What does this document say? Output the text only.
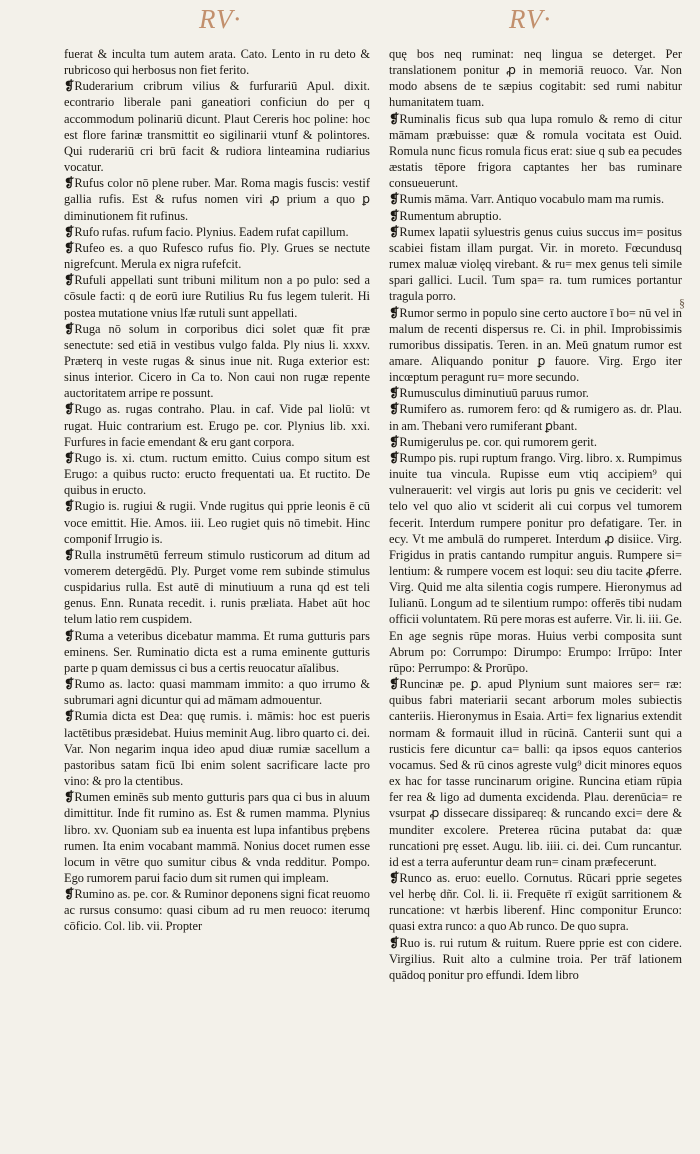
RV·	RV·

fuerat & inculta tum autem arata. Cato. Lento in ru deto & rubricoso qui herbosus non fiet ferito.

❡Ruderarium cribrum vilius & furfurariū Apul. dixit. econtrario liberale pani ganeatiori conficiun do per q accommodum polinariū dicunt. Plaut Cereris hoc poline: hoc est flore farinæ transmittit eo sigilinarii vtunf & polintores. Qui ruderariū cri brū facit & rudiora linteamina rudiarius vocatur.

❡Rufus color nō plene ruber. Mar. Roma magis fuscis: vestif gallia rufis. Est & rufus nomen viri ꝓ prium a quo ꝑ diminutionem fit rufinus.

❡Rufo rufas. rufum facio. Plynius. Eadem rufat capillum.

❡Rufeo es. a quo Rufesco rufus fio. Ply. Grues se nectute nigrefcunt. Merula ex nigra rufefcit.

❡Rufuli appellati sunt tribuni militum non a po pulo: sed a cōsule facti: q de eorū iure Rutilius Ru fus legem tulerit. Hi postea mutatione vnius lfæ rutuli sunt appellati.

❡Ruga nō solum in corporibus dici solet quæ fit præ senectute: sed etiā in vestibus vulgo falda. Ply nius li. xxxv. Præterq in veste rugas & sinus inue nit. Ruga exterior est: sinus interior. Cicero in Ca to. Non caui non rugæ repente auctoritatem arripe re possunt.

❡Rugo as. rugas contraho. Plau. in caf. Vide pal liolū: vt rugat. Huic contrarium est. Erugo pe. cor. Plynius lib. xxi. Furfures in facie emendant & eru gant corpora.

❡Rugo is. xi. ctum. ructum emitto. Cuius compo situm est Erugo: a quibus ructo: eructo frequentati ua. Et ructito. De quibus in eructo.

❡Rugio is. rugiui & rugii. Vnde rugitus qui pprie leonis ē cū voce emittit. Hie. Amos. iii. Leo rugiet quis nō timebit. Hinc componif Irrugio is.

❡Rulla instrumētū ferreum stimulo rusticorum ad ditum ad vomerem detergēdū. Ply. Purget vome rem subinde stimulus cuspidarius rulla. Est autē di minutiuum a runa qd est teli genus. Enn. Runata recedit. i. runis præliata. Habet aūt hoc telum latio rem cuspidem.

❡Ruma a veteribus dicebatur mamma. Et ruma gutturis pars eminens. Ser. Ruminatio dicta est a ruma eminente gutturis parte p quam demissus ci bus a certis reuocatur aīalibus.

❡Rumo as. lacto: quasi mammam immito: a quo irrumo & subrumari agni dicuntur qui ad māmam admouentur.

❡Rumia dicta est Dea: quę rumis. i. māmis: hoc est pueris lactētibus præsidebat. Huius meminit Aug. libro quarto ci. dei. Var. Non negarim inqua ideo apud diuæ rumiæ sacellum a pastoribus satam ficū Ibi enim solent sacrificare lacte pro vino: & pro la ctentibus.

❡Rumen eminēs sub mento gutturis pars qua ci bus in aluum dimittitur. Inde fit rumino as. Est & rumen mamma. Plynius libro. xv. Quoniam sub ea inuenta est lupa infantibus prębens rumen. Ita enim vocabant mammā. Nonius docet rumen esse locum in vētre quo sumitur cibus & vnda redditur. Pompo. Ego rumorem parui facio dum sit rumen qui impleam.

❡Rumino as. pe. cor. & Ruminor deponens signi ficat reuomo ac rursus consumo: quasi cibum ad ru men reuoco: iterumq cōficio. Col. lib. vii. Propter

quę bos neq ruminat: neq lingua se deterget. Per translationem ponitur ꝓ in memoriā reuoco. Var. Non modo absens de te sæpius cogitabit: sed rumi nabitur humanitatem tuam.

❡Ruminalis ficus sub qua lupa romulo & remo di citur māmam præbuisse: quæ & romula vocitata est Ouid. Romula nunc ficus romula ficus erat: siue q sub ea pecudes æstatis tēpore frigora captantes her bas ruminare consueuerunt.

❡Rumis māma. Varr. Antiquo vocabulo mam ma rumis.

❡Rumentum abruptio.

❡Rumex lapatii syluestris genus cuius succus im= positus scabiei fistam illam purgat. Vir. in moreto. Fœcundusq rumex maluæ violęq virebant. & ru= mex genus teli simile spari gallici. Lucil. Tum spa= ra. tum rumices portantur tragula porro.

❡Rumor sermo in populo sine certo auctore ī bo= nū vel in malum de recenti dispersus re. Ci. in phil. Improbissimis rumoribus dissipatis. Teren. in an. Meū gnatum rumor est amare. Aliquando ponitur ꝑ fauore. Virg. Ergo iter incœptum peragunt ru= more secundo.

❡Rumusculus diminutiuū paruus rumor.

❡Rumifero as. rumorem fero: qd & rumigero as. dr. Plau. in am. Thebani vero rumiferant ꝑbant.

❡Rumigerulus pe. cor. qui rumorem gerit.

❡Rumpo pis. rupi ruptum frango. Virg. libro. x. Rumpimus inuite tua vincula. Rupisse eum vtiq accipiem⁹ qui vulnerauerit: vel virgis aut loris pu gnis ve ceciderit: vel telo vel quo alio vt sciderit ali cui corpus vel tumorem fecerit. Interdum rumpere ponitur pro defatigare. Ter. in ecy. Vt me ambulā do rumperet. Interdum ꝓ disiice. Virg. Frigidus in pratis cantando rumpitur anguis. Rumpere si= lentium: & rumpere vocem est loqui: seu diu tacite ꝓferre. Virg. Quid me alta silentia cogis rumpere. Hieronymus ad Iulianū. Longum ad te silentium rumpo: offerēs tibi nudam officii voluntatem. Rū pere moras est auferre. Vir. li. iii. Ge. En age segnis rūpe moras. Huius verbi composita sunt Abrum po: Corrumpo: Dirumpo: Erumpo: Irrūpo: Inter rūpo: Perrumpo: & Prorūpo.

❡Runcinæ pe. ꝑ. apud Plynium sunt maiores ser= ræ: quibus fabri materiarii secant arborum moles subiectis canteriis. Hieronymus in Esaia. Arti= fex lignarius extendit normam & formauit illud in rūcinā. Canterii sunt qui a rusticis fere dicuntur ca= balli: qa ipsos equos canterios vocamus. Sed & rū cinos agreste vulg⁹ dicit minores equos ex hac for tasse runcinarum origine. Runcina etiam rūpia fer rea & ligo ad dumenta excidenda. Plau. derenūcia= re vsurpat ꝓ dissecare dissipareq: & runcando exci= dere & munditer excolere. Preterea rūcina putabat da: quæ runcationi prę esset. Augu. lib. iiii. ci. dei. Cum runcantur. id est a terra auferuntur deam run= cinam præfecerunt.

❡Runco as. eruo: euello. Cornutus. Rūcari pprie segetes vel herbę dñr. Col. li. ii. Frequēte rī exigūt sarritionem & runcatione: vt hærbis liberenf. Hinc componitur Erunco: quasi extra runco: a quo Ab runco. De quo supra.

❡Ruo is. rui rutum & ruitum. Ruere pprie est con cidere. Virgilius. Ruit alto a culmine troia. Per trāf lationem quādoq ponitur pro effundi. Idem libro

§
